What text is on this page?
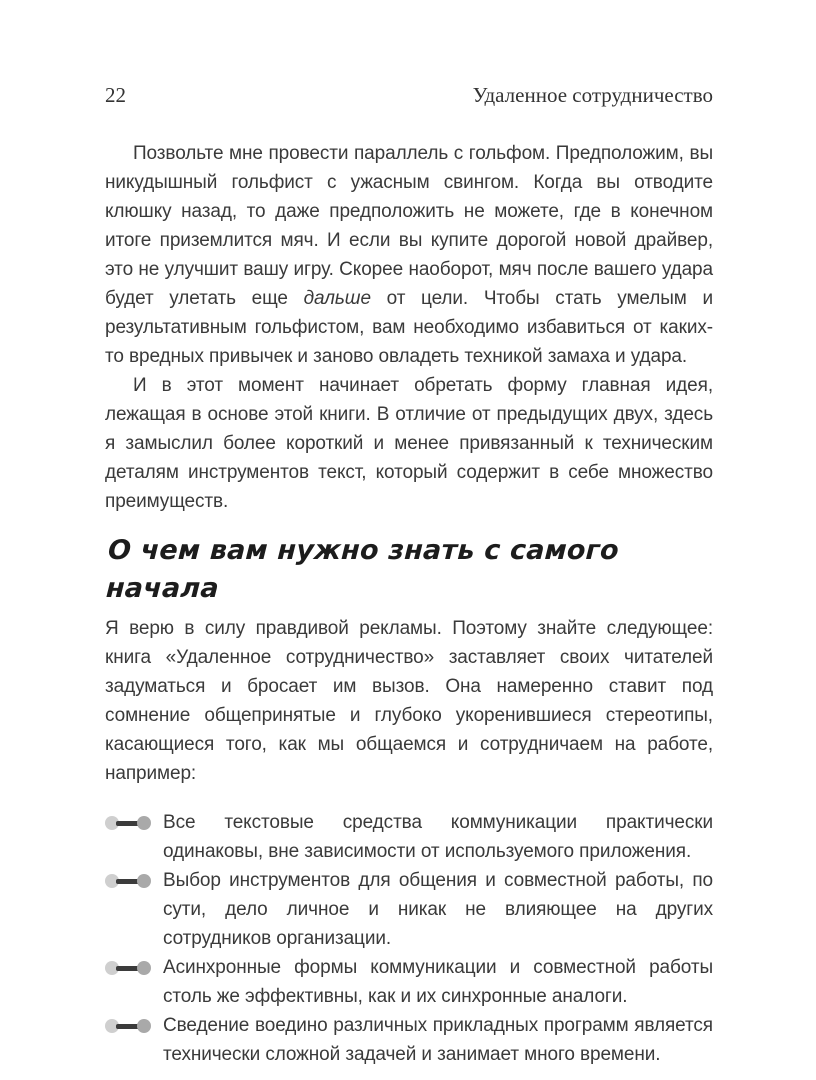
22	Удаленное сотрудничество

Позвольте мне провести параллель с гольфом. Предположим, вы никудышный гольфист с ужасным свингом. Когда вы отводите клюшку назад, то даже предположить не можете, где в конечном итоге приземлится мяч. И если вы купите дорогой новой драйвер, это не улучшит вашу игру. Скорее наоборот, мяч после вашего удара будет улетать еще дальше от цели. Чтобы стать умелым и результативным гольфистом, вам необходимо избавиться от каких-то вредных привычек и заново овладеть техникой замаха и удара.

И в этот момент начинает обретать форму главная идея, лежащая в основе этой книги. В отличие от предыдущих двух, здесь я замыслил более короткий и менее привязанный к техническим деталям инструментов текст, который содержит в себе множество преимуществ.

О чем вам нужно знать с самого начала

Я верю в силу правдивой рекламы. Поэтому знайте следующее: книга «Удаленное сотрудничество» заставляет своих читателей задуматься и бросает им вызов. Она намеренно ставит под сомнение общепринятые и глубоко укоренившиеся стереотипы, касающиеся того, как мы общаемся и сотрудничаем на работе, например:

Все текстовые средства коммуникации практически одинаковы, вне зависимости от используемого приложения.
Выбор инструментов для общения и совместной работы, по сути, дело личное и никак не влияющее на других сотрудников организации.
Асинхронные формы коммуникации и совместной работы столь же эффективны, как и их синхронные аналоги.
Сведение воедино различных прикладных программ является технически сложной задачей и занимает много времени.
